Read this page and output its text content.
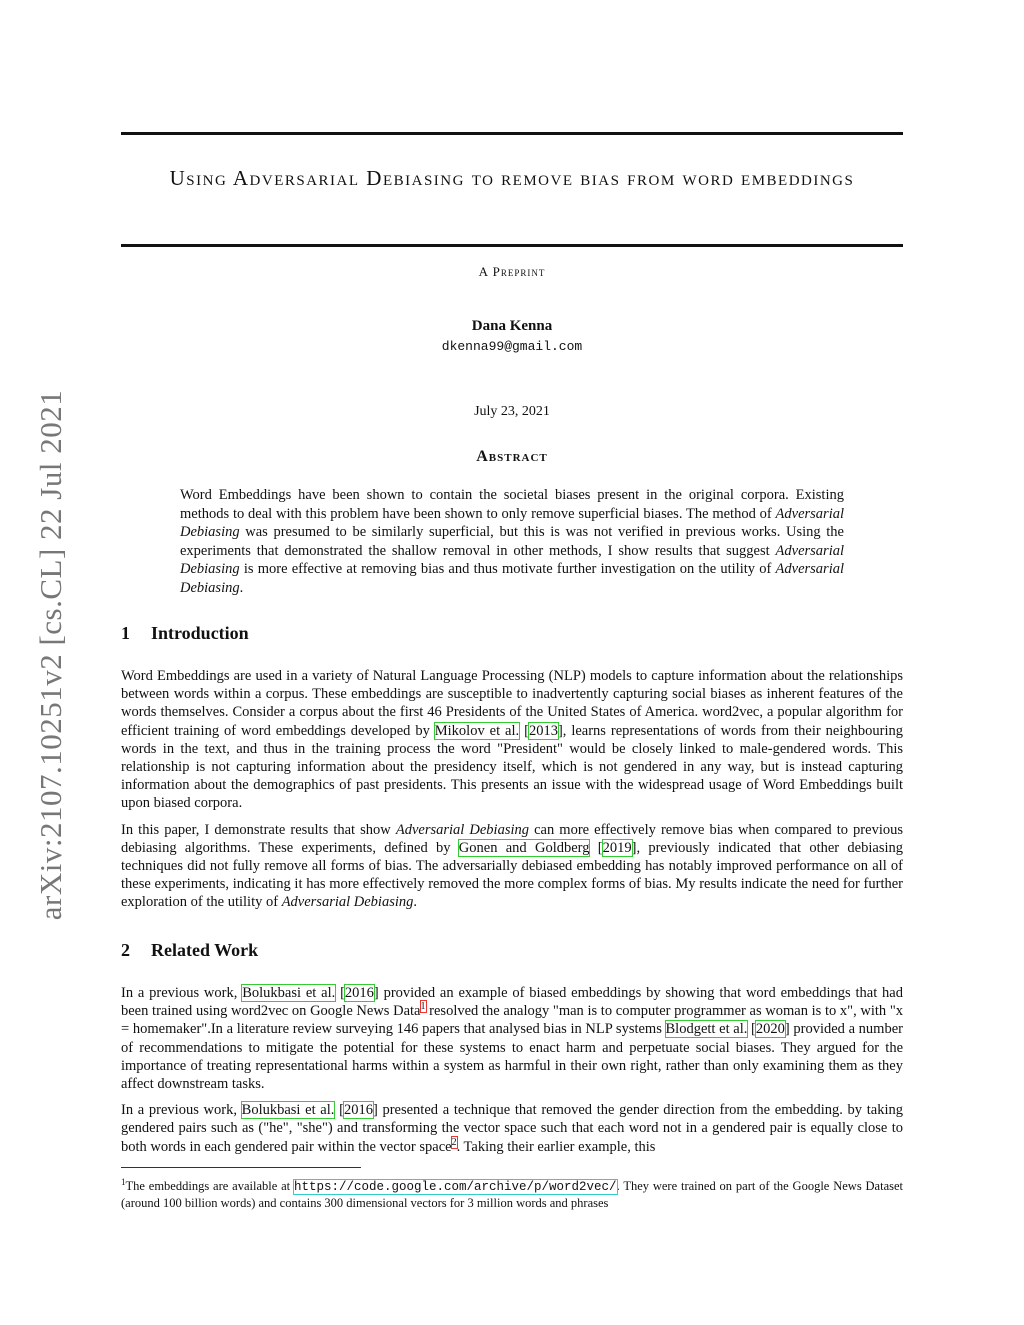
Using Adversarial Debiasing to remove bias from word embeddings
A Preprint
Dana Kenna
dkenna99@gmail.com
July 23, 2021
arXiv:2107.10251v2 [cs.CL] 22 Jul 2021	Abstract

Word Embeddings have been shown to contain the societal biases present in the original corpora. Existing methods to deal with this problem have been shown to only remove superficial biases. The method of Adversarial Debiasing was presumed to be similarly superficial, but this is was not verified in previous works. Using the experiments that demonstrated the shallow removal in other methods, I show results that suggest Adversarial Debiasing is more effective at removing bias and thus motivate further investigation on the utility of Adversarial Debiasing.

1 Introduction

Word Embeddings are used in a variety of Natural Language Processing (NLP) models to capture information about the relationships between words within a corpus. These embeddings are susceptible to inadvertently capturing social biases as inherent features of the words themselves. Consider a corpus about the first 46 Presidents of the United States of America. word2vec, a popular algorithm for efficient training of word embeddings developed by Mikolov et al. [2013], learns representations of words from their neighbouring words in the text, and thus in the training process the word "President" would be closely linked to male-gendered words. This relationship is not capturing information about the presidency itself, which is not gendered in any way, but is instead capturing information about the demographics of past presidents. This presents an issue with the widespread usage of Word Embeddings built upon biased corpora.

In this paper, I demonstrate results that show Adversarial Debiasing can more effectively remove bias when compared to previous debiasing algorithms. These experiments, defined by Gonen and Goldberg [2019], previously indicated that other debiasing techniques did not fully remove all forms of bias. The adversarially debiased embedding has notably improved performance on all of these experiments, indicating it has more effectively removed the more complex forms of bias. My results indicate the need for further exploration of the utility of Adversarial Debiasing.

2 Related Work

In a previous work, Bolukbasi et al. [2016] provided an example of biased embeddings by showing that word embeddings that had been trained using word2vec on Google News Data$^1$ resolved the analogy "man is to computer programmer as woman is to x", with "x = homemaker".In a literature review surveying 146 papers that analysed bias in NLP systems Blodgett et al. [2020] provided a number of recommendations to mitigate the potential for these systems to enact harm and perpetuate social biases. They argued for the importance of treating representational harms within a system as harmful in their own right, rather than only examining them as they affect downstream tasks.

In a previous work, Bolukbasi et al. [2016] presented a technique that removed the gender direction from the embedding. by taking gendered pairs such as ("he", "she") and transforming the vector space such that each word not in a gendered pair is equally close to both words in each gendered pair within the vector space$^2$. Taking their earlier example, this

$^1$The embeddings are available at https://code.google.com/archive/p/word2vec/. They were trained on part of the Google News Dataset (around 100 billion words) and contains 300 dimensional vectors for 3 million words and phrases
